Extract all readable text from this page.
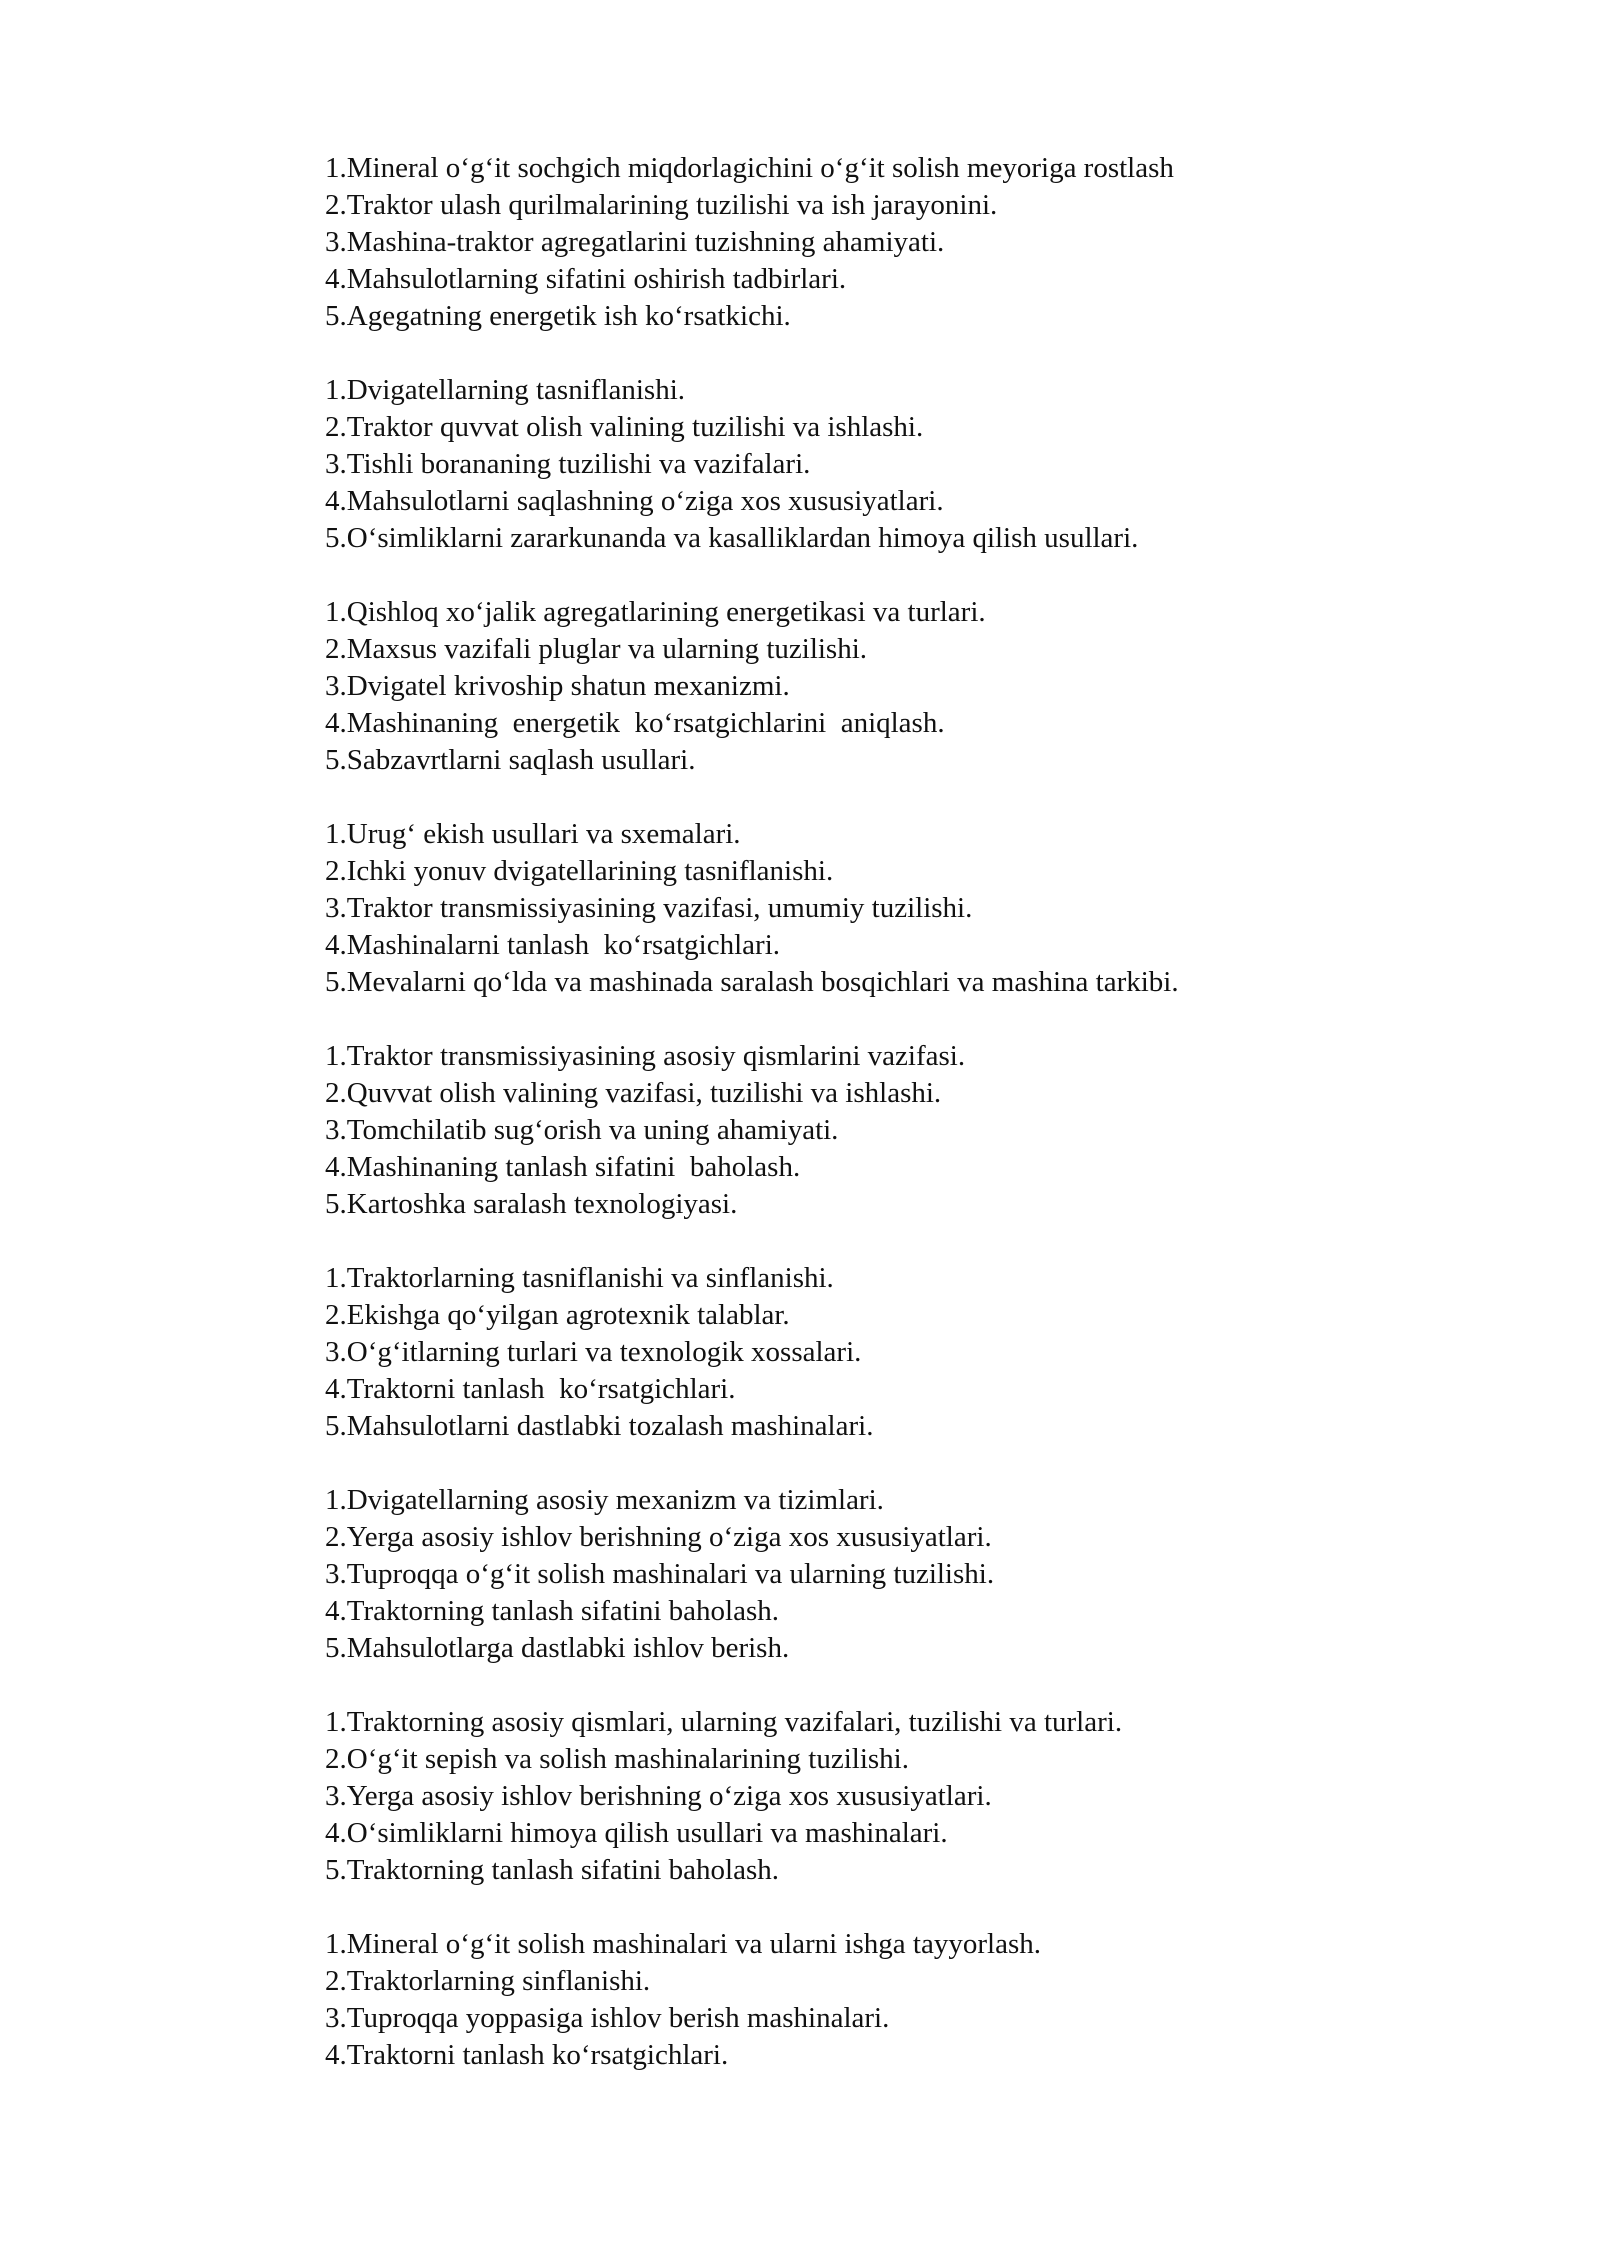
1.Mineral o‘g‘it sochgich miqdorlagichini o‘g‘it solish meyoriga rostlash
2.Traktor ulash qurilmalarining tuzilishi va ish jarayonini.
3.Mashina-traktor agregatlarini tuzishning ahamiyati.
4.Mahsulotlarning sifatini oshirish tadbirlari.
5.Agegatning energetik ish ko‘rsatkichi.
1.Dvigatellarning tasniflanishi.
2.Traktor quvvat olish valining tuzilishi va ishlashi.
3.Tishli borananing tuzilishi va vazifalari.
4.Mahsulotlarni saqlashning o‘ziga xos xususiyatlari.
5.O‘simliklarni zararkunanda va kasalliklardan himoya qilish usullari.
1.Qishloq xo‘jalik agregatlarining energetikasi va turlari.
2.Maxsus vazifali pluglar va ularning tuzilishi.
3.Dvigatel krivoship shatun mexanizmi.
4.Mashinaning  energetik  ko‘rsatgichlarini  aniqlash.
5.Sabzavrtlarni saqlash usullari.
1.Urug‘ ekish usullari va sxemalari.
2.Ichki yonuv dvigatellarining tasniflanishi.
3.Traktor transmissiyasining vazifasi, umumiy tuzilishi.
4.Mashinalarni tanlash  ko‘rsatgichlari.
5.Mevalarni qo‘lda va mashinada saralash bosqichlari va mashina tarkibi.
1.Traktor transmissiyasining asosiy qismlarini vazifasi.
2.Quvvat olish valining vazifasi, tuzilishi va ishlashi.
3.Tomchilatib sug‘orish va uning ahamiyati.
4.Mashinaning tanlash sifatini  baholash.
5.Kartoshka saralash texnologiyasi.
1.Traktorlarning tasniflanishi va sinflanishi.
2.Ekishga qo‘yilgan agrotexnik talablar.
3.O‘g‘itlarning turlari va texnologik xossalari.
4.Traktorni tanlash  ko‘rsatgichlari.
5.Mahsulotlarni dastlabki tozalash mashinalari.
1.Dvigatellarning asosiy mexanizm va tizimlari.
2.Yerga asosiy ishlov berishning o‘ziga xos xususiyatlari.
3.Tuproqqa o‘g‘it solish mashinalari va ularning tuzilishi.
4.Traktorning tanlash sifatini baholash.
5.Mahsulotlarga dastlabki ishlov berish.
1.Traktorning asosiy qismlari, ularning vazifalari, tuzilishi va turlari.
2.O‘g‘it sepish va solish mashinalarining tuzilishi.
3.Yerga asosiy ishlov berishning o‘ziga xos xususiyatlari.
4.O‘simliklarni himoya qilish usullari va mashinalari.
5.Traktorning tanlash sifatini baholash.
1.Mineral o‘g‘it solish mashinalari va ularni ishga tayyorlash.
2.Traktorlarning sinflanishi.
3.Tuproqqa yoppasiga ishlov berish mashinalari.
4.Traktorni tanlash ko‘rsatgichlari.
